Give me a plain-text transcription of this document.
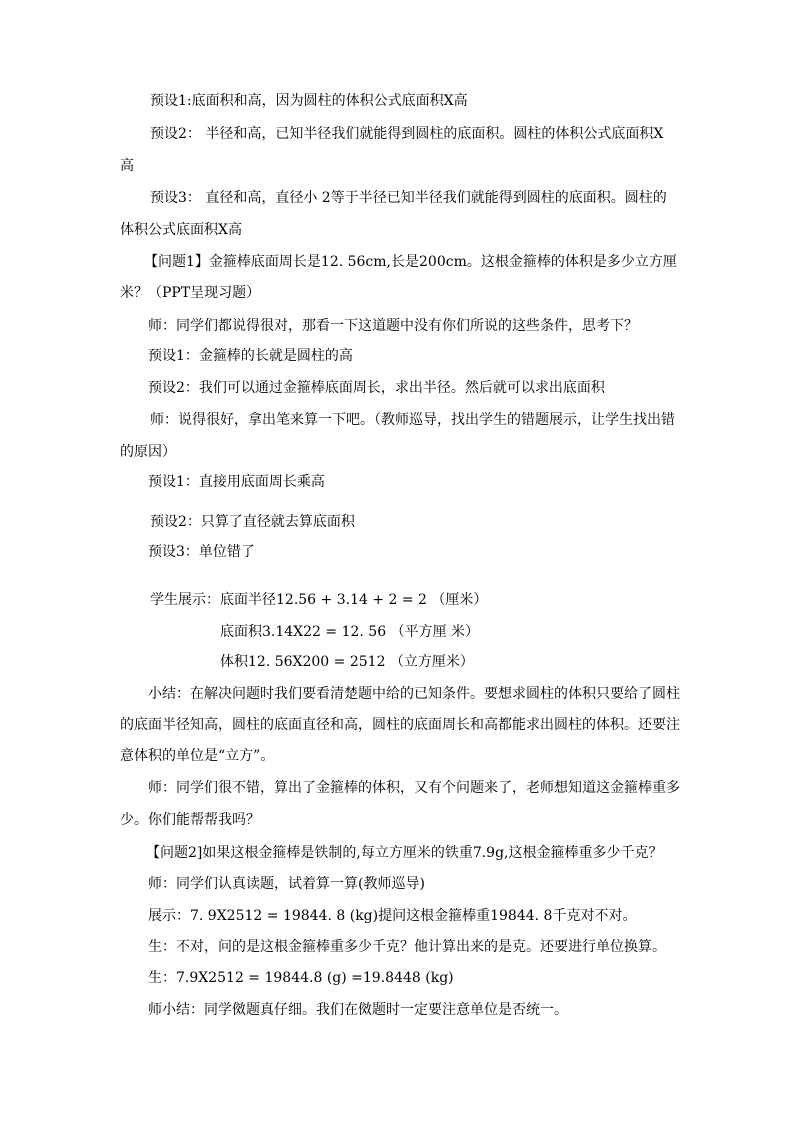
预设1:底面积和高，因为圆柱的体积公式底面积X高
预设2： 半径和高，已知半径我们就能得到圆柱的底面积。圆柱的体积公式底面积X
高
预设3： 直径和高，直径小 2等于半径已知半径我们就能得到圆柱的底面积。圆柱的
体积公式底面积X高
【问题1】金箍棒底面周长是12. 56cm,长是200cm。这根金箍棒的体积是多少立方厘
米？（PPT呈现习题）
师：同学们都说得很对，那看一下这道题中没有你们所说的这些条件，思考下？
预设1：金箍棒的长就是圆柱的高
预设2：我们可以通过金箍棒底面周长，求出半径。然后就可以求出底面积
师：说得很好，拿出笔来算一下吧。（教师巡导，找出学生的错题展示，让学生找出错
的原因）
预设1：直接用底面周长乘高
预设2：只算了直径就去算底面积
预设3：单位错了
学生展示：底面半径12.56 + 3.14 + 2 = 2 （厘米）
底面积3.14X22 = 12. 56 （平方厘 米）
体积12. 56X200 = 2512 （立方厘米）
小结：在解决问题时我们要看清楚题中给的已知条件。要想求圆柱的体积只要给了圆柱
的底面半径知高，圆柱的底面直径和高，圆柱的底面周长和高都能求出圆柱的体积。还要注
意体积的单位是“立方”。
师：同学们很不错，算出了金箍棒的体积，又有个问题来了，老师想知道这金箍棒重多
少。你们能帮帮我吗？
【问题2]如果这根金箍棒是铁制的,每立方厘米的铁重7.9g,这根金箍棒重多少千克？
师：同学们认真读题，试着算一算(教师巡导)
展示：7. 9X2512 = 19844. 8 (kg)提问这根金箍棒重19844. 8千克对不对。
生：不对，问的是这根金箍棒重多少千克？他计算出来的是克。还要进行单位换算。
生：7.9X2512 = 19844.8 (g) =19.8448 (kg)
师小结：同学傚题真仔细。我们在傚题时一定要注意单位是否统一。
